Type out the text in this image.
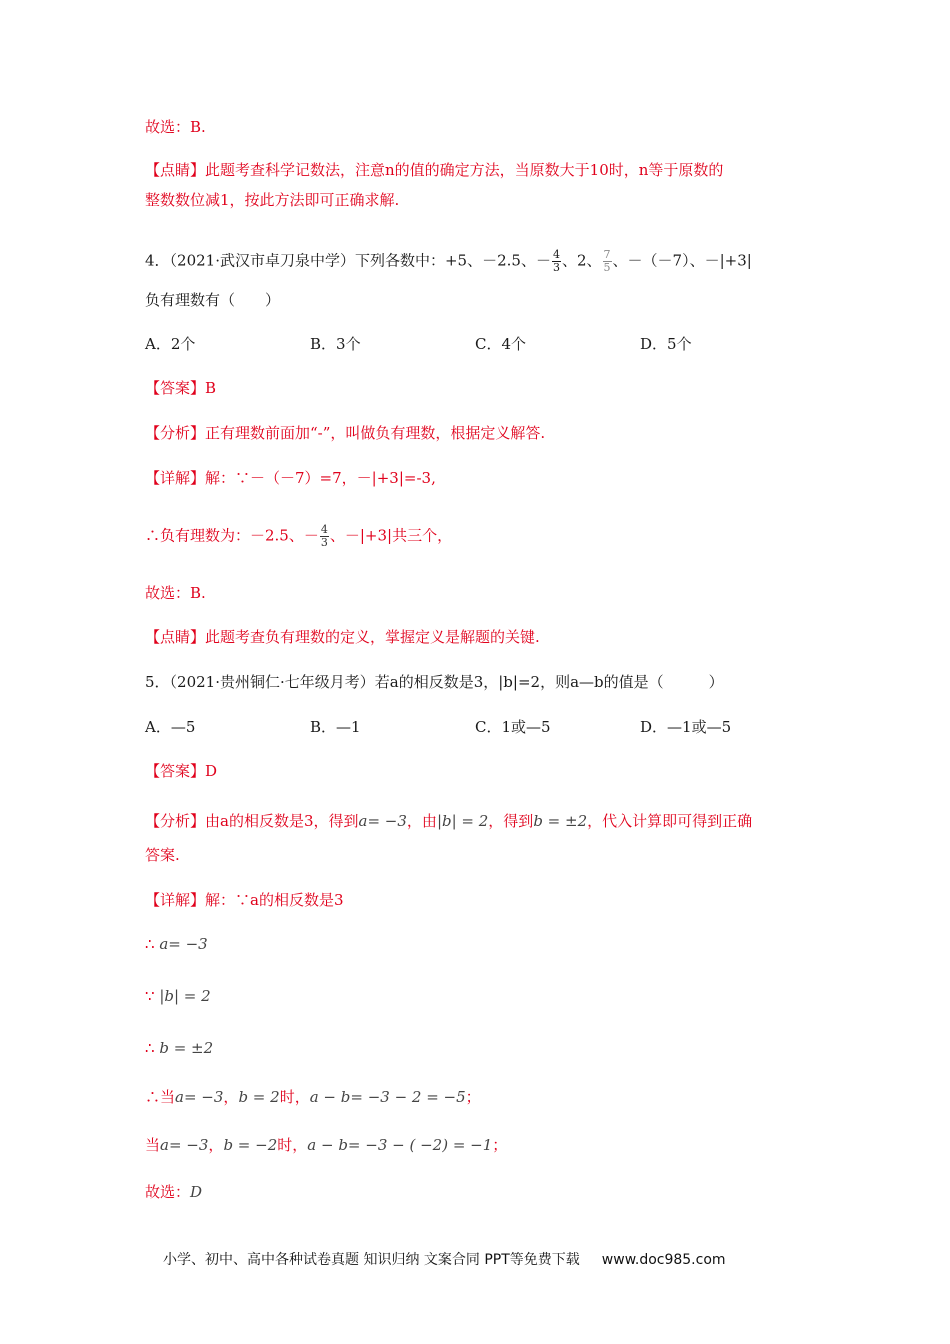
故选：B.
【点睛】此题考查科学记数法，注意n的值的确定方法，当原数大于10时，n等于原数的
整数数位减1，按此方法即可正确求解.
4．（2021·武汉市卓刀泉中学）下列各数中：+5、－2.5、－ $\frac{4}{3}$ 、2、 $\frac{7}{5}$ 、－（－7）、－|+3|
负有理数有（　　）
A．2个	B．3个	C．4个	D．5个
【答案】B
【分析】正有理数前面加“-”，叫做负有理数，根据定义解答.
【详解】解：∵－（－7）=7，－|+3|=-3,
∴负有理数为：－2.5、－ $\frac{4}{3}$ 、－|+3|共三个，
故选：B.
【点睛】此题考查负有理数的定义，掌握定义是解题的关键.
5．（2021·贵州铜仁·七年级月考）若a的相反数是3，|b|=2，则a—b的值是（　　　）
A．—5	B．—1	C．1或—5	D．—1或—5
【答案】D
【分析】由a的相反数是3，得到a= −3，由|b| = 2，得到b = ±2，代入计算即可得到正确
答案.
【详解】解：∵a的相反数是3
∴ a= −3
∵ |b| = 2
∴ b = ±2
∴当a= −3，b = 2时，a − b= −3 − 2 = −5；
当a= −3，b = −2时，a − b= −3 − ( −2) = −1；
故选：D
小学、初中、高中各种试卷真题 知识归纳 文案合同 PPT等免费下载 www.doc985.com
